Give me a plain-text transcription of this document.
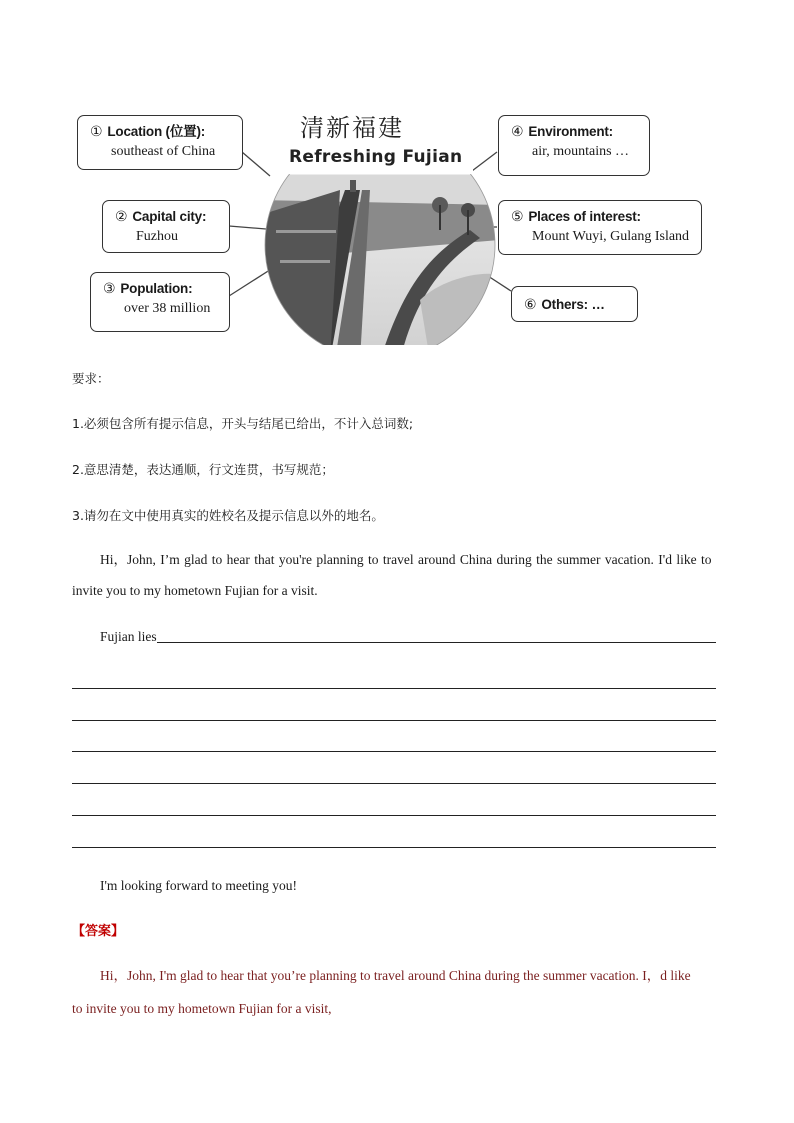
清新福建
Refreshing Fujian
① Location (位置):
southeast of China
② Capital city:
Fuzhou
③ Population:
over 38 million
④ Environment:
air, mountains …
⑤ Places of interest:
Mount Wuyi, Gulang Island
⑥ Others: …
要求：
1.必须包含所有提示信息，开头与结尾已给出，不计入总词数;
2.意思清楚，表达通顺，行文连贯，书写规范；
3.请勿在文中使用真实的姓校名及提示信息以外的地名。
Hi，John, I’m glad to hear that you're planning to travel around China during the summer vacation. I'd like to
invite you to my hometown Fujian for a visit.
Fujian lies
I'm looking forward to meeting you!
【答案】
Hi，John, I'm glad to hear that you’re planning to travel around China during the summer vacation. I，d like
to invite you to my hometown Fujian for a visit,
